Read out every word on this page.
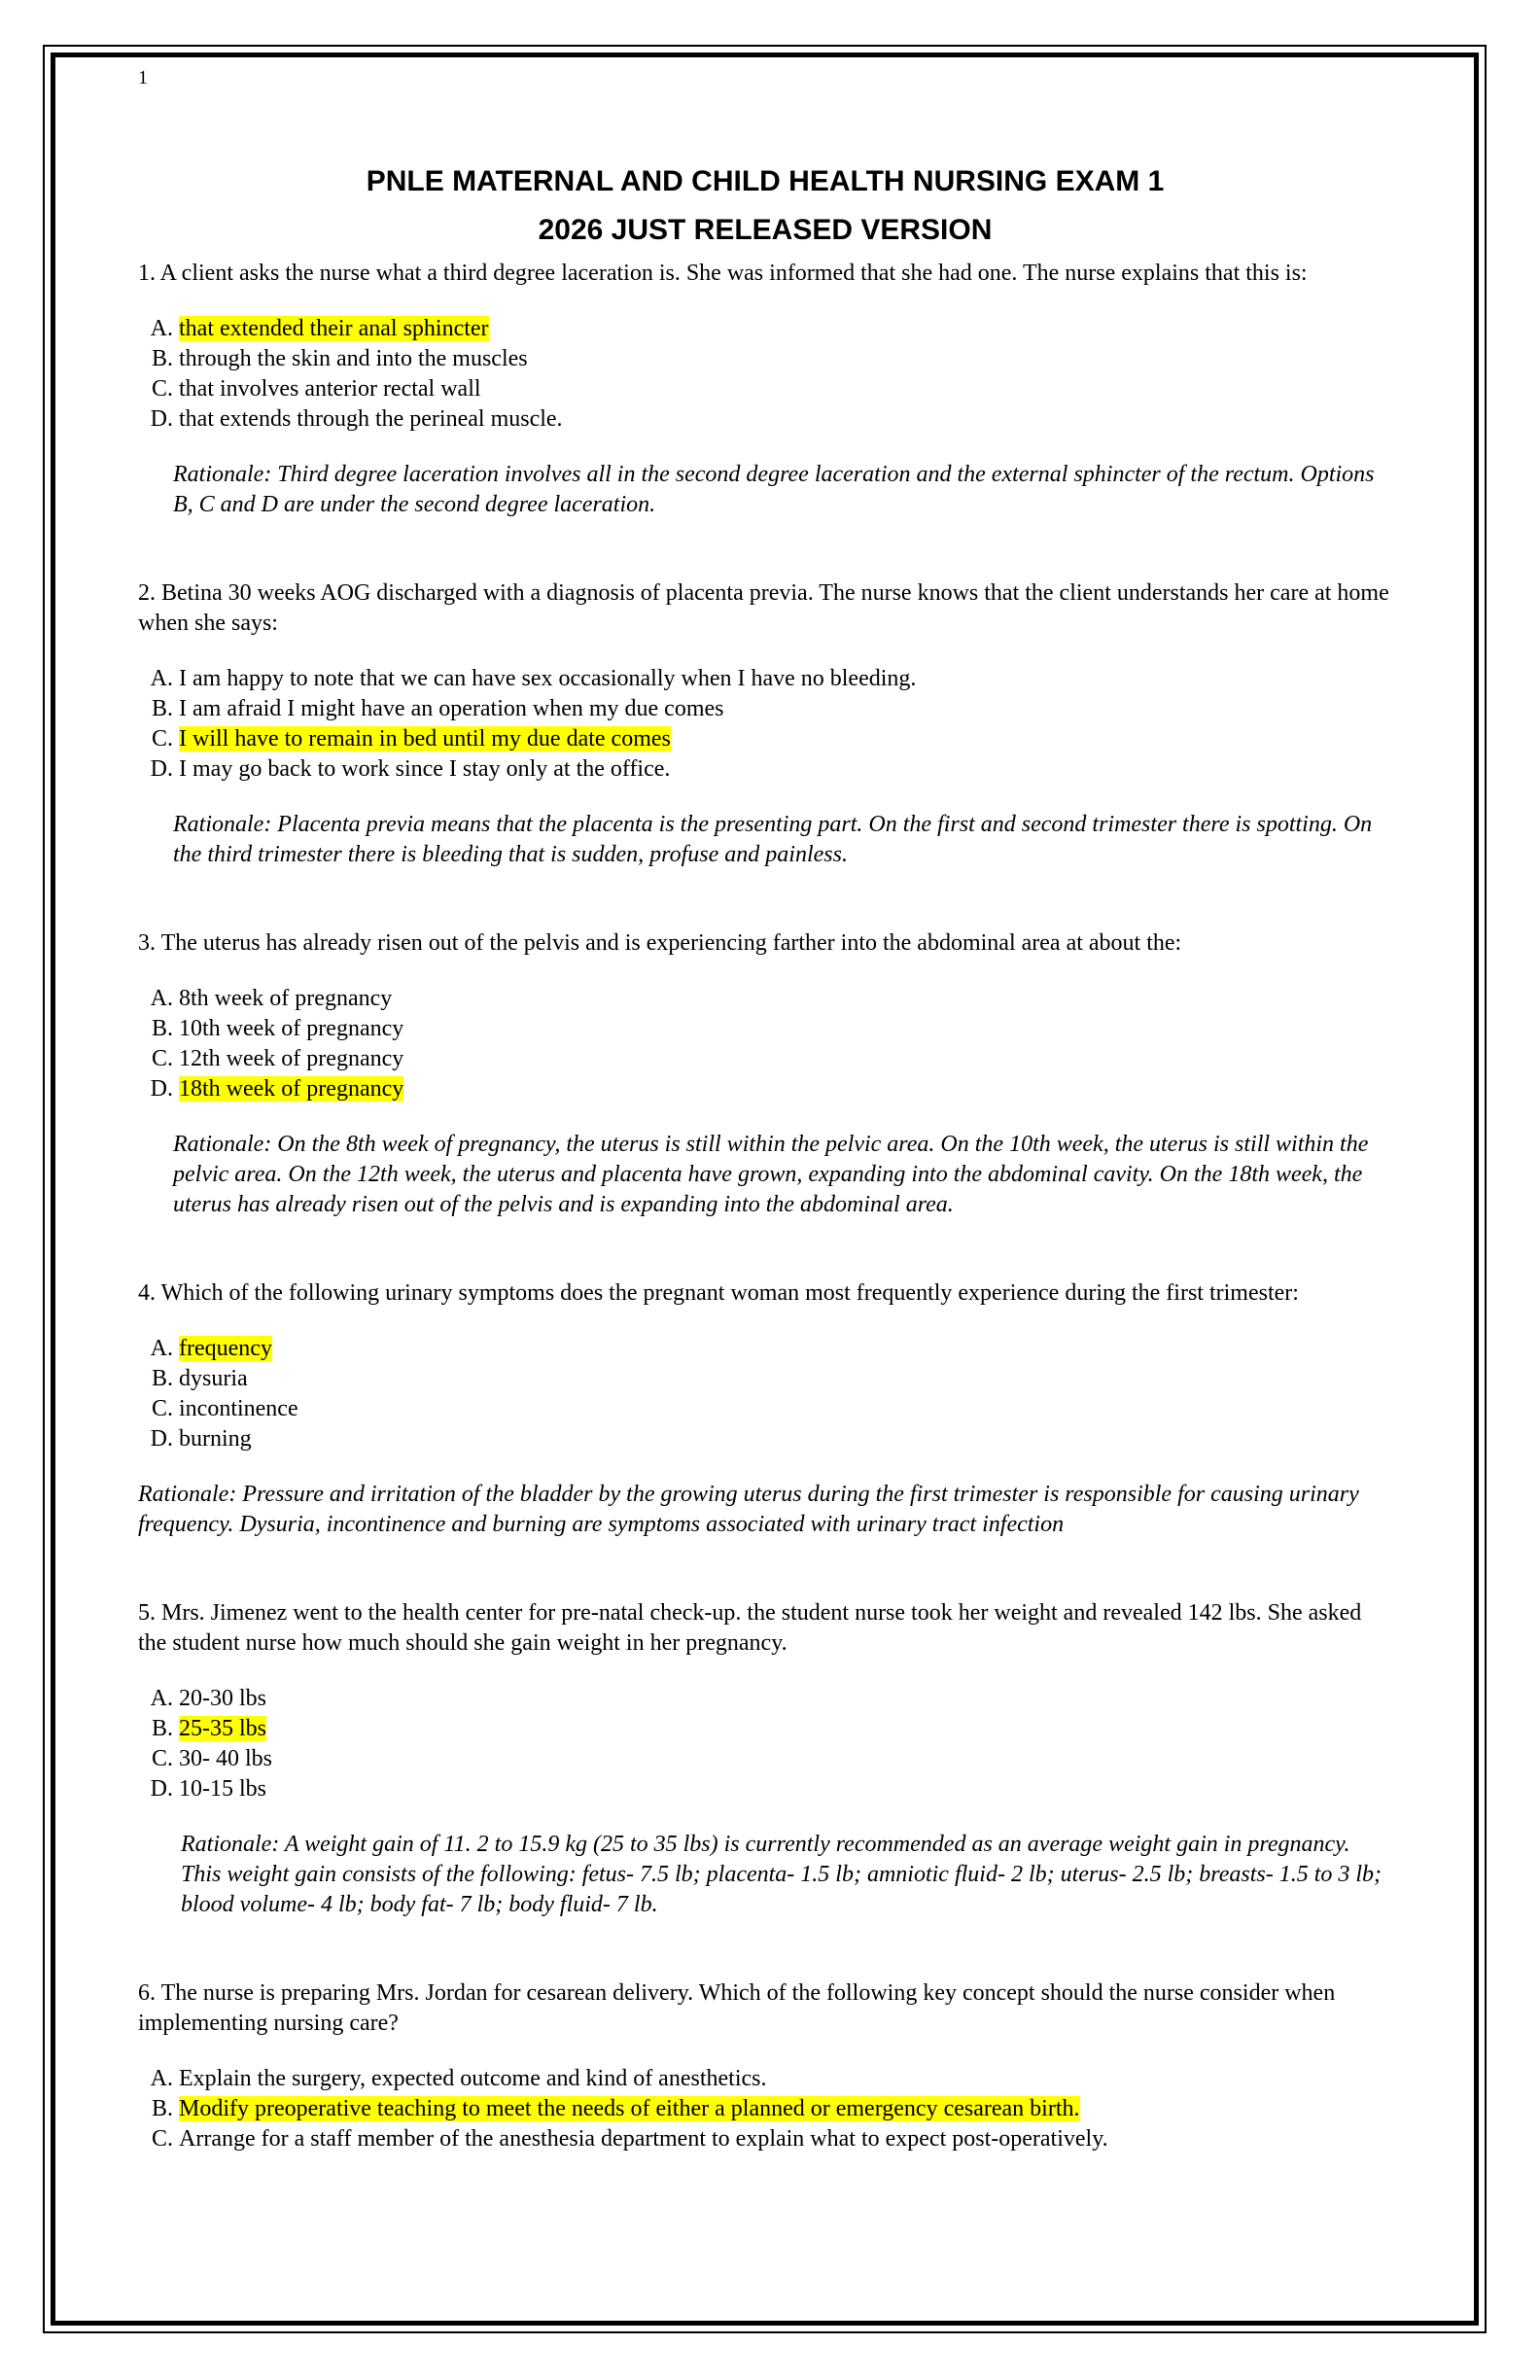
1
PNLE MATERNAL AND CHILD HEALTH NURSING EXAM 1
2026 JUST RELEASED VERSION
1. A client asks the nurse what a third degree laceration is. She was informed that she had one. The nurse explains that this is:
A. that extended their anal sphincter
B. through the skin and into the muscles
C. that involves anterior rectal wall
D. that extends through the perineal muscle.
Rationale: Third degree laceration involves all in the second degree laceration and the external sphincter of the rectum. Options B, C and D are under the second degree laceration.
2. Betina 30 weeks AOG discharged with a diagnosis of placenta previa. The nurse knows that the client understands her care at home when she says:
A. I am happy to note that we can have sex occasionally when I have no bleeding.
B. I am afraid I might have an operation when my due comes
C. I will have to remain in bed until my due date comes
D. I may go back to work since I stay only at the office.
Rationale: Placenta previa means that the placenta is the presenting part. On the first and second trimester there is spotting. On the third trimester there is bleeding that is sudden, profuse and painless.
3. The uterus has already risen out of the pelvis and is experiencing farther into the abdominal area at about the:
A. 8th week of pregnancy
B. 10th week of pregnancy
C. 12th week of pregnancy
D. 18th week of pregnancy
Rationale: On the 8th week of pregnancy, the uterus is still within the pelvic area. On the 10th week, the uterus is still within the pelvic area. On the 12th week, the uterus and placenta have grown, expanding into the abdominal cavity. On the 18th week, the uterus has already risen out of the pelvis and is expanding into the abdominal area.
4. Which of the following urinary symptoms does the pregnant woman most frequently experience during the first trimester:
A. frequency
B. dysuria
C. incontinence
D. burning
Rationale: Pressure and irritation of the bladder by the growing uterus during the first trimester is responsible for causing urinary frequency. Dysuria, incontinence and burning are symptoms associated with urinary tract infection
5. Mrs. Jimenez went to the health center for pre-natal check-up. the student nurse took her weight and revealed 142 lbs. She asked the student nurse how much should she gain weight in her pregnancy.
A. 20-30 lbs
B. 25-35 lbs
C. 30- 40 lbs
D. 10-15 lbs
Rationale: A weight gain of 11. 2 to 15.9 kg (25 to 35 lbs) is currently recommended as an average weight gain in pregnancy. This weight gain consists of the following: fetus- 7.5 lb; placenta- 1.5 lb; amniotic fluid- 2 lb; uterus- 2.5 lb; breasts- 1.5 to 3 lb; blood volume- 4 lb; body fat- 7 lb; body fluid- 7 lb.
6. The nurse is preparing Mrs. Jordan for cesarean delivery. Which of the following key concept should the nurse consider when implementing nursing care?
A. Explain the surgery, expected outcome and kind of anesthetics.
B. Modify preoperative teaching to meet the needs of either a planned or emergency cesarean birth.
C. Arrange for a staff member of the anesthesia department to explain what to expect post-operatively.
